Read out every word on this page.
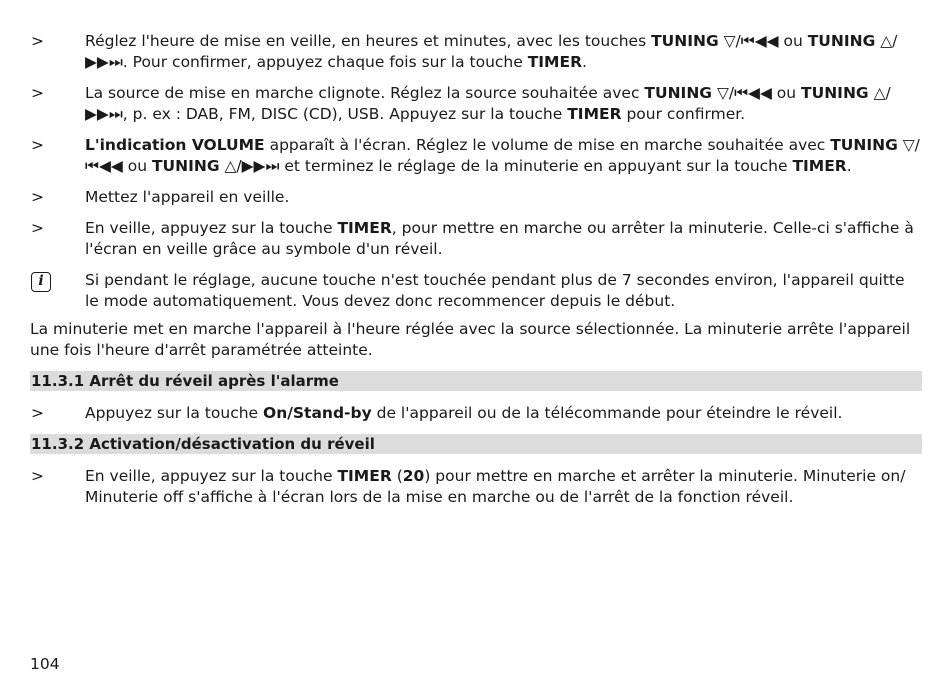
>	Réglez l'heure de mise en veille, en heures et minutes, avec les touches TUNING ▽/⏮◀◀ ou TUNING △/▶▶⏭. Pour confirmer, appuyez chaque fois sur la touche TIMER.
>	La source de mise en marche clignote. Réglez la source souhaitée avec TUNING ▽/⏮◀◀ ou TUNING △/▶▶⏭, p. ex : DAB, FM, DISC (CD), USB. Appuyez sur la touche TIMER pour confirmer.
>	L'indication VOLUME apparaît à l'écran. Réglez le volume de mise en marche souhaitée avec TUNING ▽/⏮◀◀ ou TUNING △/▶▶⏭ et terminez le réglage de la minuterie en appuyant sur la touche TIMER.
>	Mettez l'appareil en veille.
>	En veille, appuyez sur la touche TIMER, pour mettre en marche ou arrêter la minuterie. Celle-ci s'affiche à l'écran en veille grâce au symbole d'un réveil.
i	Si pendant le réglage, aucune touche n'est touchée pendant plus de 7 secondes environ, l'appareil quitte le mode automatiquement. Vous devez donc recommencer depuis le début.
La minuterie met en marche l'appareil à l'heure réglée avec la source sélectionnée. La minuterie arrête l'appareil une fois l'heure d'arrêt paramétrée atteinte.
11.3.1 Arrêt du réveil après l'alarme
>	Appuyez sur la touche On/Stand-by de l'appareil ou de la télécommande pour éteindre le réveil.
11.3.2 Activation/désactivation du réveil
>	En veille, appuyez sur la touche TIMER (20) pour mettre en marche et arrêter la minuterie. Minuterie on/ Minuterie off s'affiche à l'écran lors de la mise en marche ou de l'arrêt de la fonction réveil.
104
